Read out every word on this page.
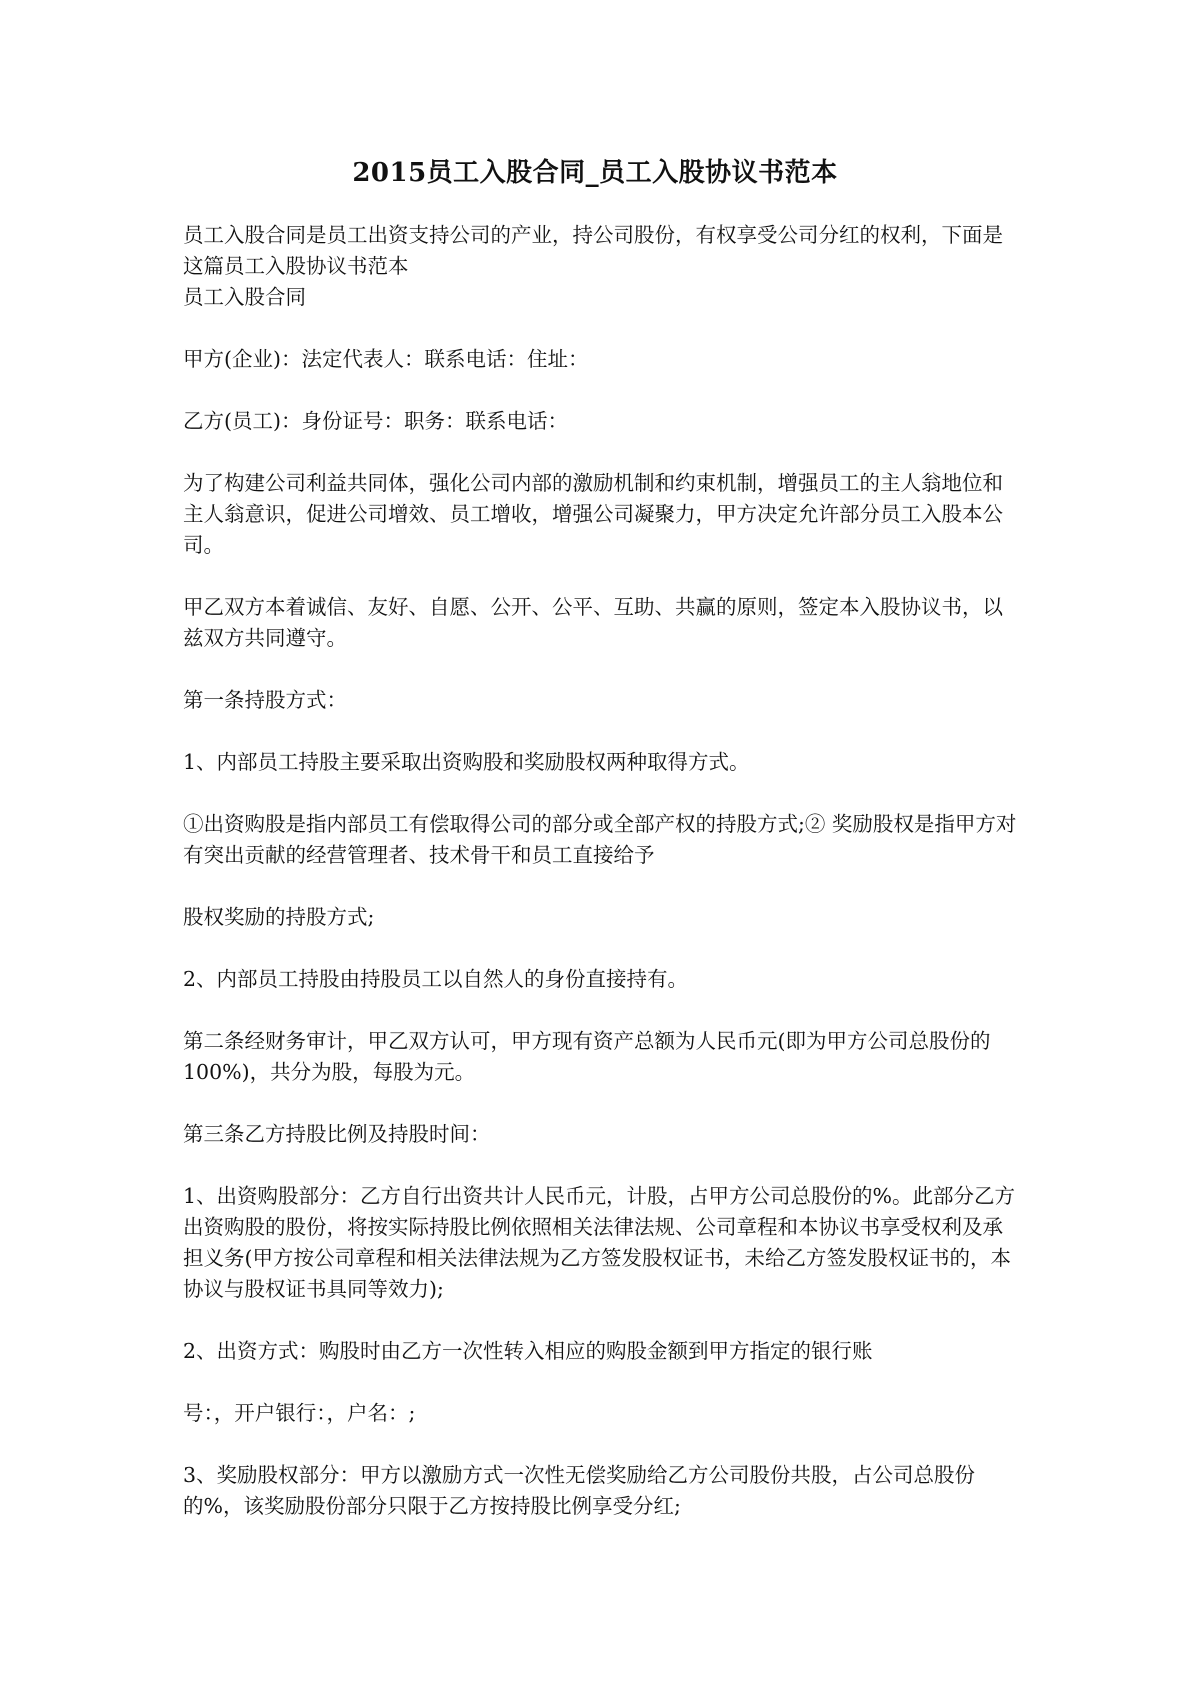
2015员工入股合同_员工入股协议书范本

员工入股合同是员工出资支持公司的产业，持公司股份，有权享受公司分红的权利，下面是这篇员工入股协议书范本

员工入股合同

甲方(企业)：法定代表人：联系电话：住址：

乙方(员工)：身份证号：职务：联系电话：

为了构建公司利益共同体，强化公司内部的激励机制和约束机制，增强员工的主人翁地位和主人翁意识，促进公司增效、员工增收，增强公司凝聚力，甲方决定允许部分员工入股本公司。

甲乙双方本着诚信、友好、自愿、公开、公平、互助、共赢的原则，签定本入股协议书，以兹双方共同遵守。

第一条持股方式：

1、内部员工持股主要采取出资购股和奖励股权两种取得方式。

①出资购股是指内部员工有偿取得公司的部分或全部产权的持股方式;② 奖励股权是指甲方对有突出贡献的经营管理者、技术骨干和员工直接给予

股权奖励的持股方式;

2、内部员工持股由持股员工以自然人的身份直接持有。

第二条经财务审计，甲乙双方认可，甲方现有资产总额为人民币元(即为甲方公司总股份的 100%)，共分为股，每股为元。

第三条乙方持股比例及持股时间：

1、出资购股部分：乙方自行出资共计人民币元，计股，占甲方公司总股份的%。此部分乙方出资购股的股份，将按实际持股比例依照相关法律法规、公司章程和本协议书享受权利及承担义务(甲方按公司章程和相关法律法规为乙方签发股权证书，未给乙方签发股权证书的，本协议与股权证书具同等效力);

2、出资方式：购股时由乙方一次性转入相应的购股金额到甲方指定的银行账

号：，开户银行：，户名：;

3、奖励股权部分：甲方以激励方式一次性无偿奖励给乙方公司股份共股，占公司总股份的%，该奖励股份部分只限于乙方按持股比例享受分红;
